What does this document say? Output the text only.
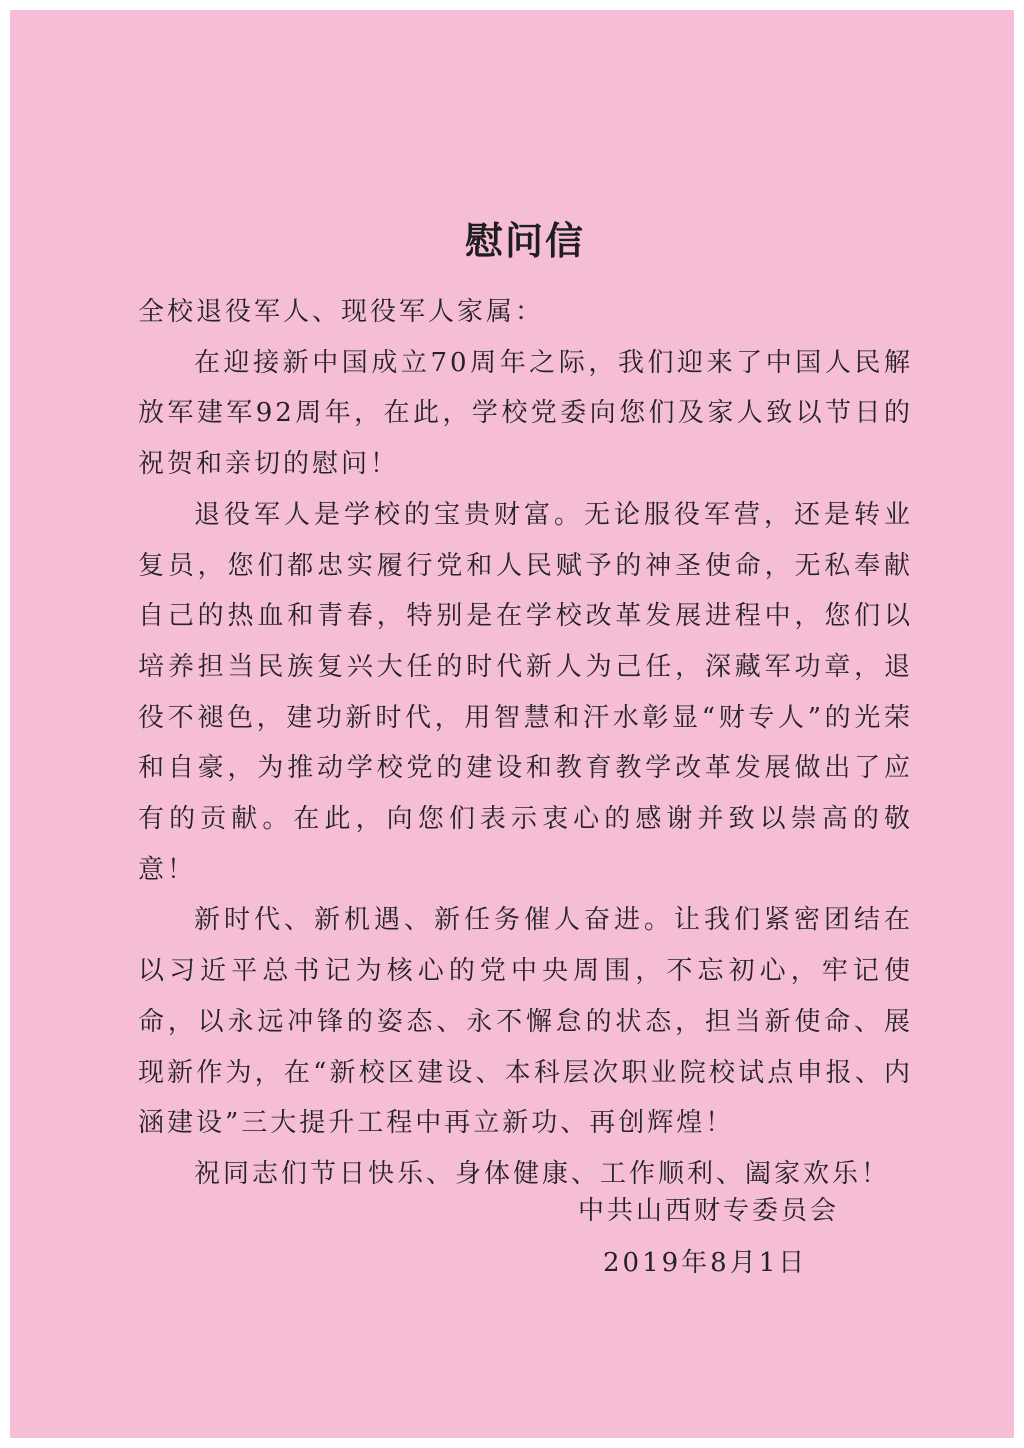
慰问信

全校退役军人、现役军人家属：

在迎接新中国成立70周年之际，我们迎来了中国人民解放军建军92周年，在此，学校党委向您们及家人致以节日的祝贺和亲切的慰问！

退役军人是学校的宝贵财富。无论服役军营，还是转业复员，您们都忠实履行党和人民赋予的神圣使命，无私奉献自己的热血和青春，特别是在学校改革发展进程中，您们以培养担当民族复兴大任的时代新人为己任，深藏军功章，退役不褪色，建功新时代，用智慧和汗水彰显“财专人”的光荣和自豪，为推动学校党的建设和教育教学改革发展做出了应有的贡献。在此，向您们表示衷心的感谢并致以崇高的敬意！

新时代、新机遇、新任务催人奋进。让我们紧密团结在以习近平总书记为核心的党中央周围，不忘初心，牢记使命，以永远冲锋的姿态、永不懈怠的状态，担当新使命、展现新作为，在“新校区建设、本科层次职业院校试点申报、内涵建设”三大提升工程中再立新功、再创辉煌！

祝同志们节日快乐、身体健康、工作顺利、阖家欢乐！

中共山西财专委员会
2019年8月1日
